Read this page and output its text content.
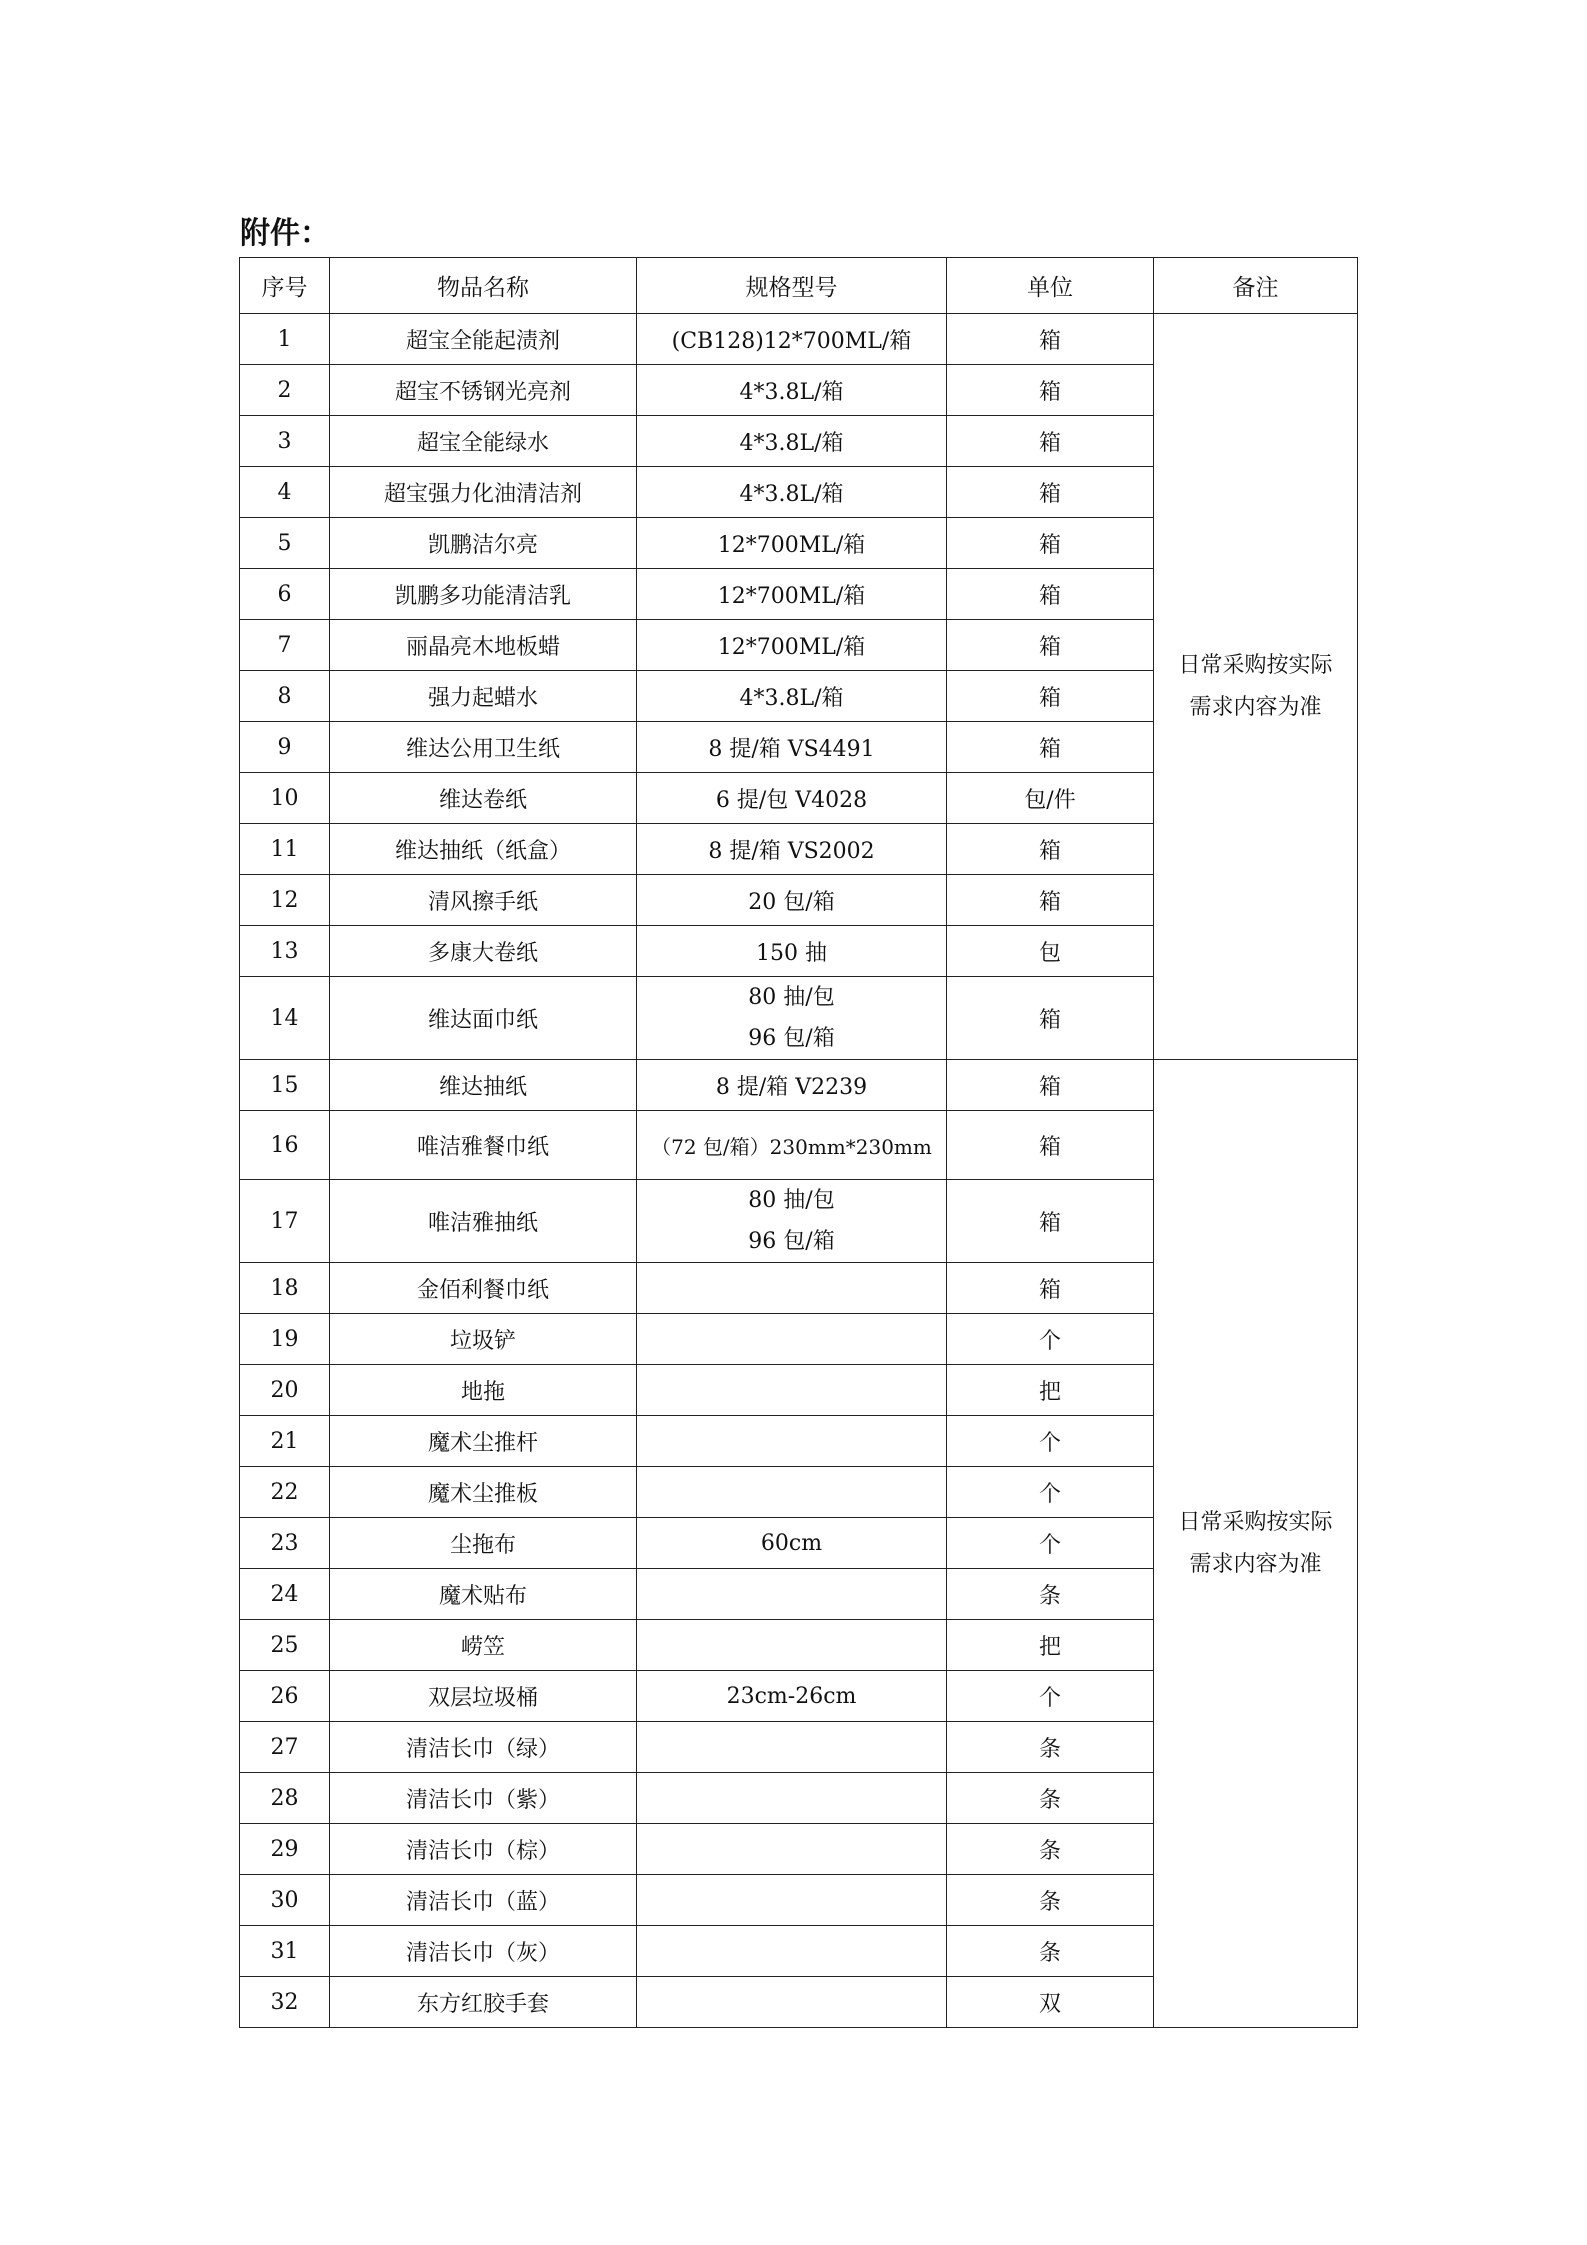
附件：
序号	物品名称	规格型号	单位	备注
1	超宝全能起渍剂	(CB128)12*700ML/箱	箱	日常采购按实际
需求内容为准

2	超宝不锈钢光亮剂	4*3.8L/箱	箱	
3	超宝全能绿水	4*3.8L/箱	箱	
4	超宝强力化油清洁剂	4*3.8L/箱	箱	
5	凯鹏洁尔亮	12*700ML/箱	箱	
6	凯鹏多功能清洁乳	12*700ML/箱	箱	
7	丽晶亮木地板蜡	12*700ML/箱	箱	
8	强力起蜡水	4*3.8L/箱	箱	
9	维达公用卫生纸	8 提/箱 VS4491	箱	
10	维达卷纸	6 提/包 V4028	包/件	
11	维达抽纸（纸盒）	8 提/箱 VS2002	箱	
12	清风擦手纸	20 包/箱	箱	
13	多康大卷纸	150 抽	包	
14	维达面巾纸	80 抽/包
96 包/箱	箱	
15	维达抽纸	8 提/箱 V2239	箱	日常采购按实际
需求内容为准

16	唯洁雅餐巾纸	（72 包/箱）230mm*230mm	箱	
17	唯洁雅抽纸	80 抽/包
96 包/箱	箱	
18	金佰利餐巾纸		箱	
19	垃圾铲		个	
20	地拖		把	
21	魔术尘推杆		个	
22	魔术尘推板		个	
23	尘拖布	60cm	个	
24	魔术贴布		条	
25	崂笠		把	
26	双层垃圾桶	23cm-26cm	个	
27	清洁长巾（绿）		条	
28	清洁长巾（紫）		条	
29	清洁长巾（棕）		条	
30	清洁长巾（蓝）		条	
31	清洁长巾（灰）		条	
32	东方红胶手套		双	
